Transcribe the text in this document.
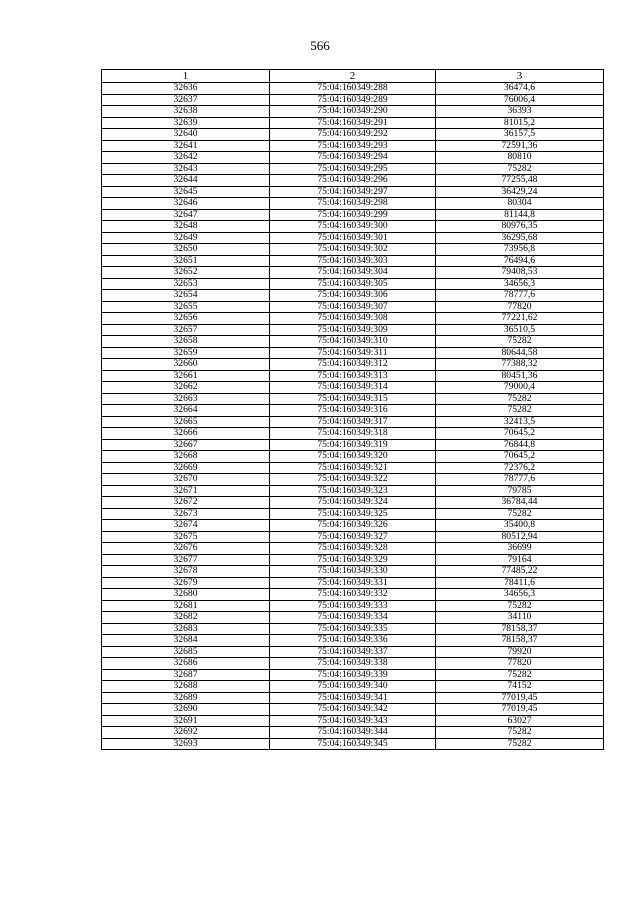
566
1	2	3
32636	75:04:160349:288	36474,6
32637	75:04:160349:289	76006,4
32638	75:04:160349:290	36393
32639	75:04:160349:291	81015,2
32640	75:04:160349:292	36157,5
32641	75:04:160349:293	72591,36
32642	75:04:160349:294	80810
32643	75:04:160349:295	75282
32644	75:04:160349:296	77255,48
32645	75:04:160349:297	36429,24
32646	75:04:160349:298	80304
32647	75:04:160349:299	81144,8
32648	75:04:160349:300	80976,35
32649	75:04:160349:301	36295,68
32650	75:04:160349:302	73956,8
32651	75:04:160349:303	76494,6
32652	75:04:160349:304	79408,53
32653	75:04:160349:305	34656,3
32654	75:04:160349:306	78777,6
32655	75:04:160349:307	77820
32656	75:04:160349:308	77221,62
32657	75:04:160349:309	36510,5
32658	75:04:160349:310	75282
32659	75:04:160349:311	80644,58
32660	75:04:160349:312	77388,32
32661	75:04:160349:313	80451,36
32662	75:04:160349:314	79000,4
32663	75:04:160349:315	75282
32664	75:04:160349:316	75282
32665	75:04:160349:317	32413,5
32666	75:04:160349:318	70645,2
32667	75:04:160349:319	76844,8
32668	75:04:160349:320	70645,2
32669	75:04:160349:321	72376,2
32670	75:04:160349:322	78777,6
32671	75:04:160349:323	79785
32672	75:04:160349:324	36784,44
32673	75:04:160349:325	75282
32674	75:04:160349:326	35400,8
32675	75:04:160349:327	80512,94
32676	75:04:160349:328	36699
32677	75:04:160349:329	79164
32678	75:04:160349:330	77485,22
32679	75:04:160349:331	78411,6
32680	75:04:160349:332	34656,3
32681	75:04:160349:333	75282
32682	75:04:160349:334	34110
32683	75:04:160349:335	78158,37
32684	75:04:160349:336	78158,37
32685	75:04:160349:337	79920
32686	75:04:160349:338	77820
32687	75:04:160349:339	75282
32688	75:04:160349:340	74152
32689	75:04:160349:341	77019,45
32690	75:04:160349:342	77019,45
32691	75:04:160349:343	63027
32692	75:04:160349:344	75282
32693	75:04:160349:345	75282
